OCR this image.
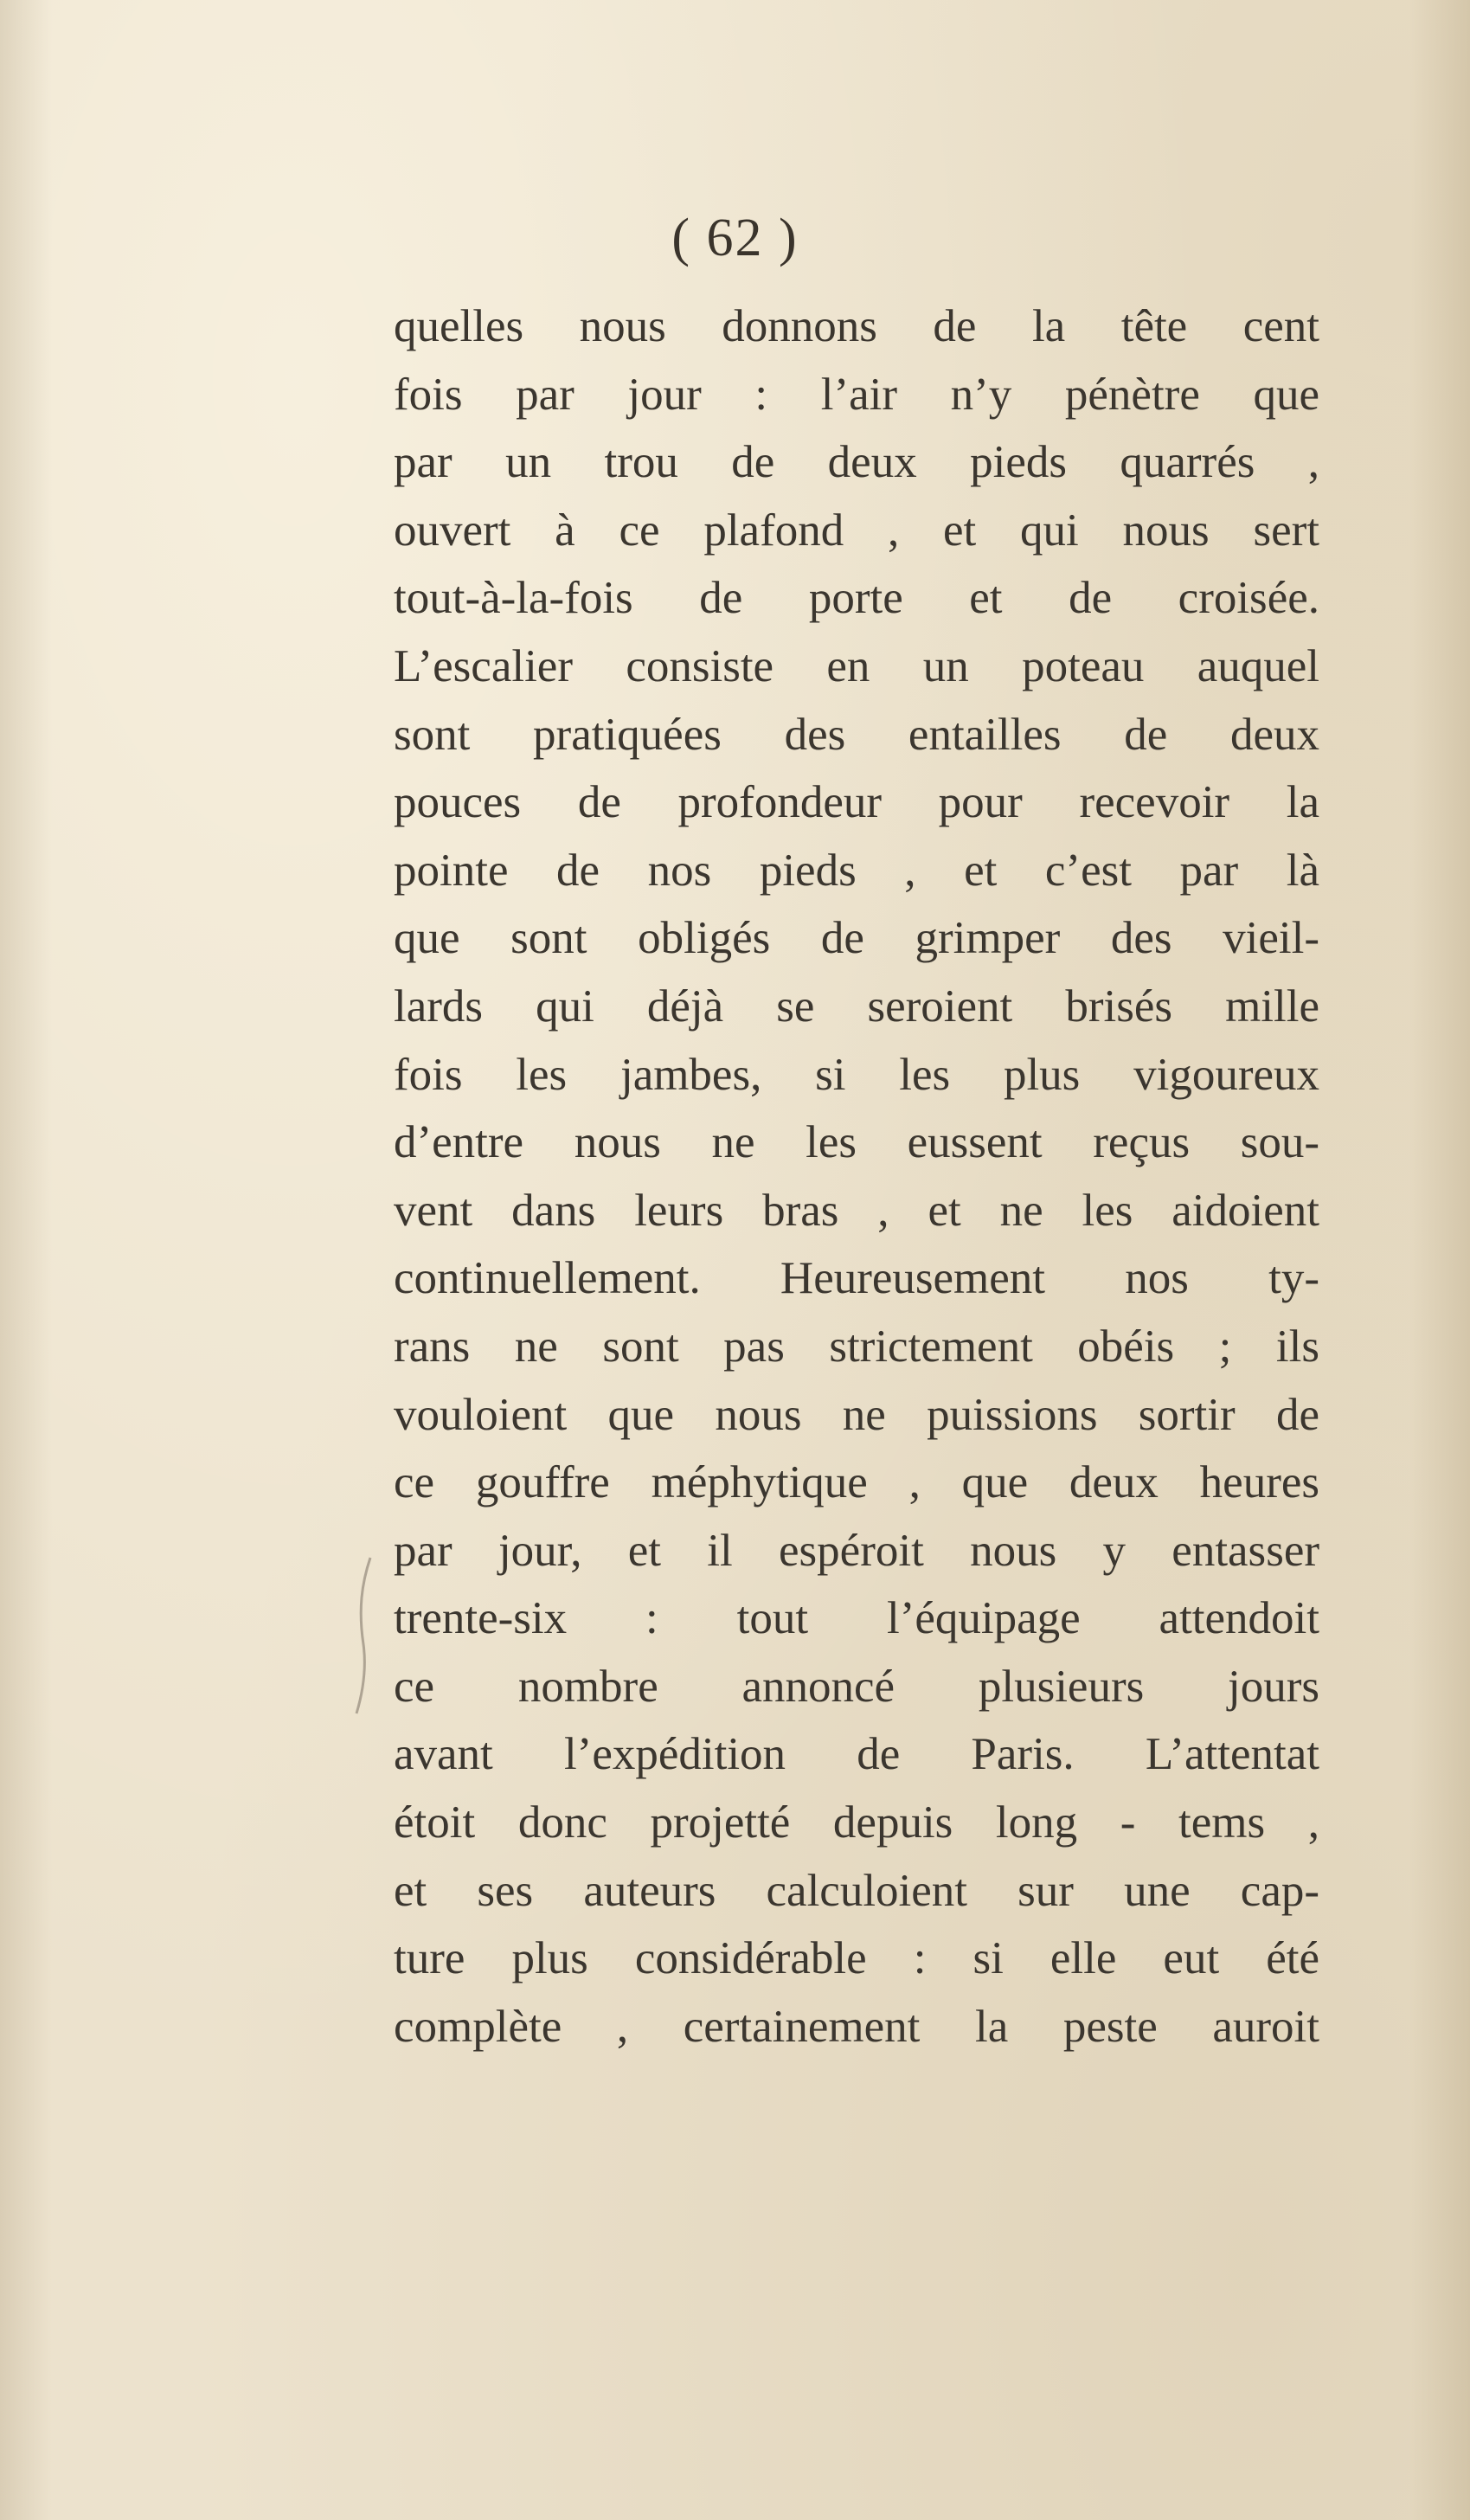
( 62 )
quelles nous donnons de la tête cent
fois par jour : l’air n’y pénètre que
par un trou de deux pieds quarrés ,
ouvert à ce plafond , et qui nous sert
tout-à-la-fois de porte et de croisée.
L’escalier consiste en un poteau auquel
sont pratiquées des entailles de deux
pouces de profondeur pour recevoir la
pointe de nos pieds , et c’est par là
que sont obligés de grimper des vieil-
lards qui déjà se seroient brisés mille
fois les jambes, si les plus vigoureux
d’entre nous ne les eussent reçus sou-
vent dans leurs bras , et ne les aidoient
continuellement. Heureusement nos ty-
rans ne sont pas strictement obéis ; ils
vouloient que nous ne puissions sortir de
ce gouffre méphytique , que deux heures
par jour, et il espéroit nous y entasser
trente-six : tout l’équipage attendoit
ce nombre annoncé plusieurs jours
avant l’expédition de Paris. L’attentat
étoit donc projetté depuis long - tems ,
et ses auteurs calculoient sur une cap-
ture plus considérable : si elle eut été
complète , certainement la peste auroit
